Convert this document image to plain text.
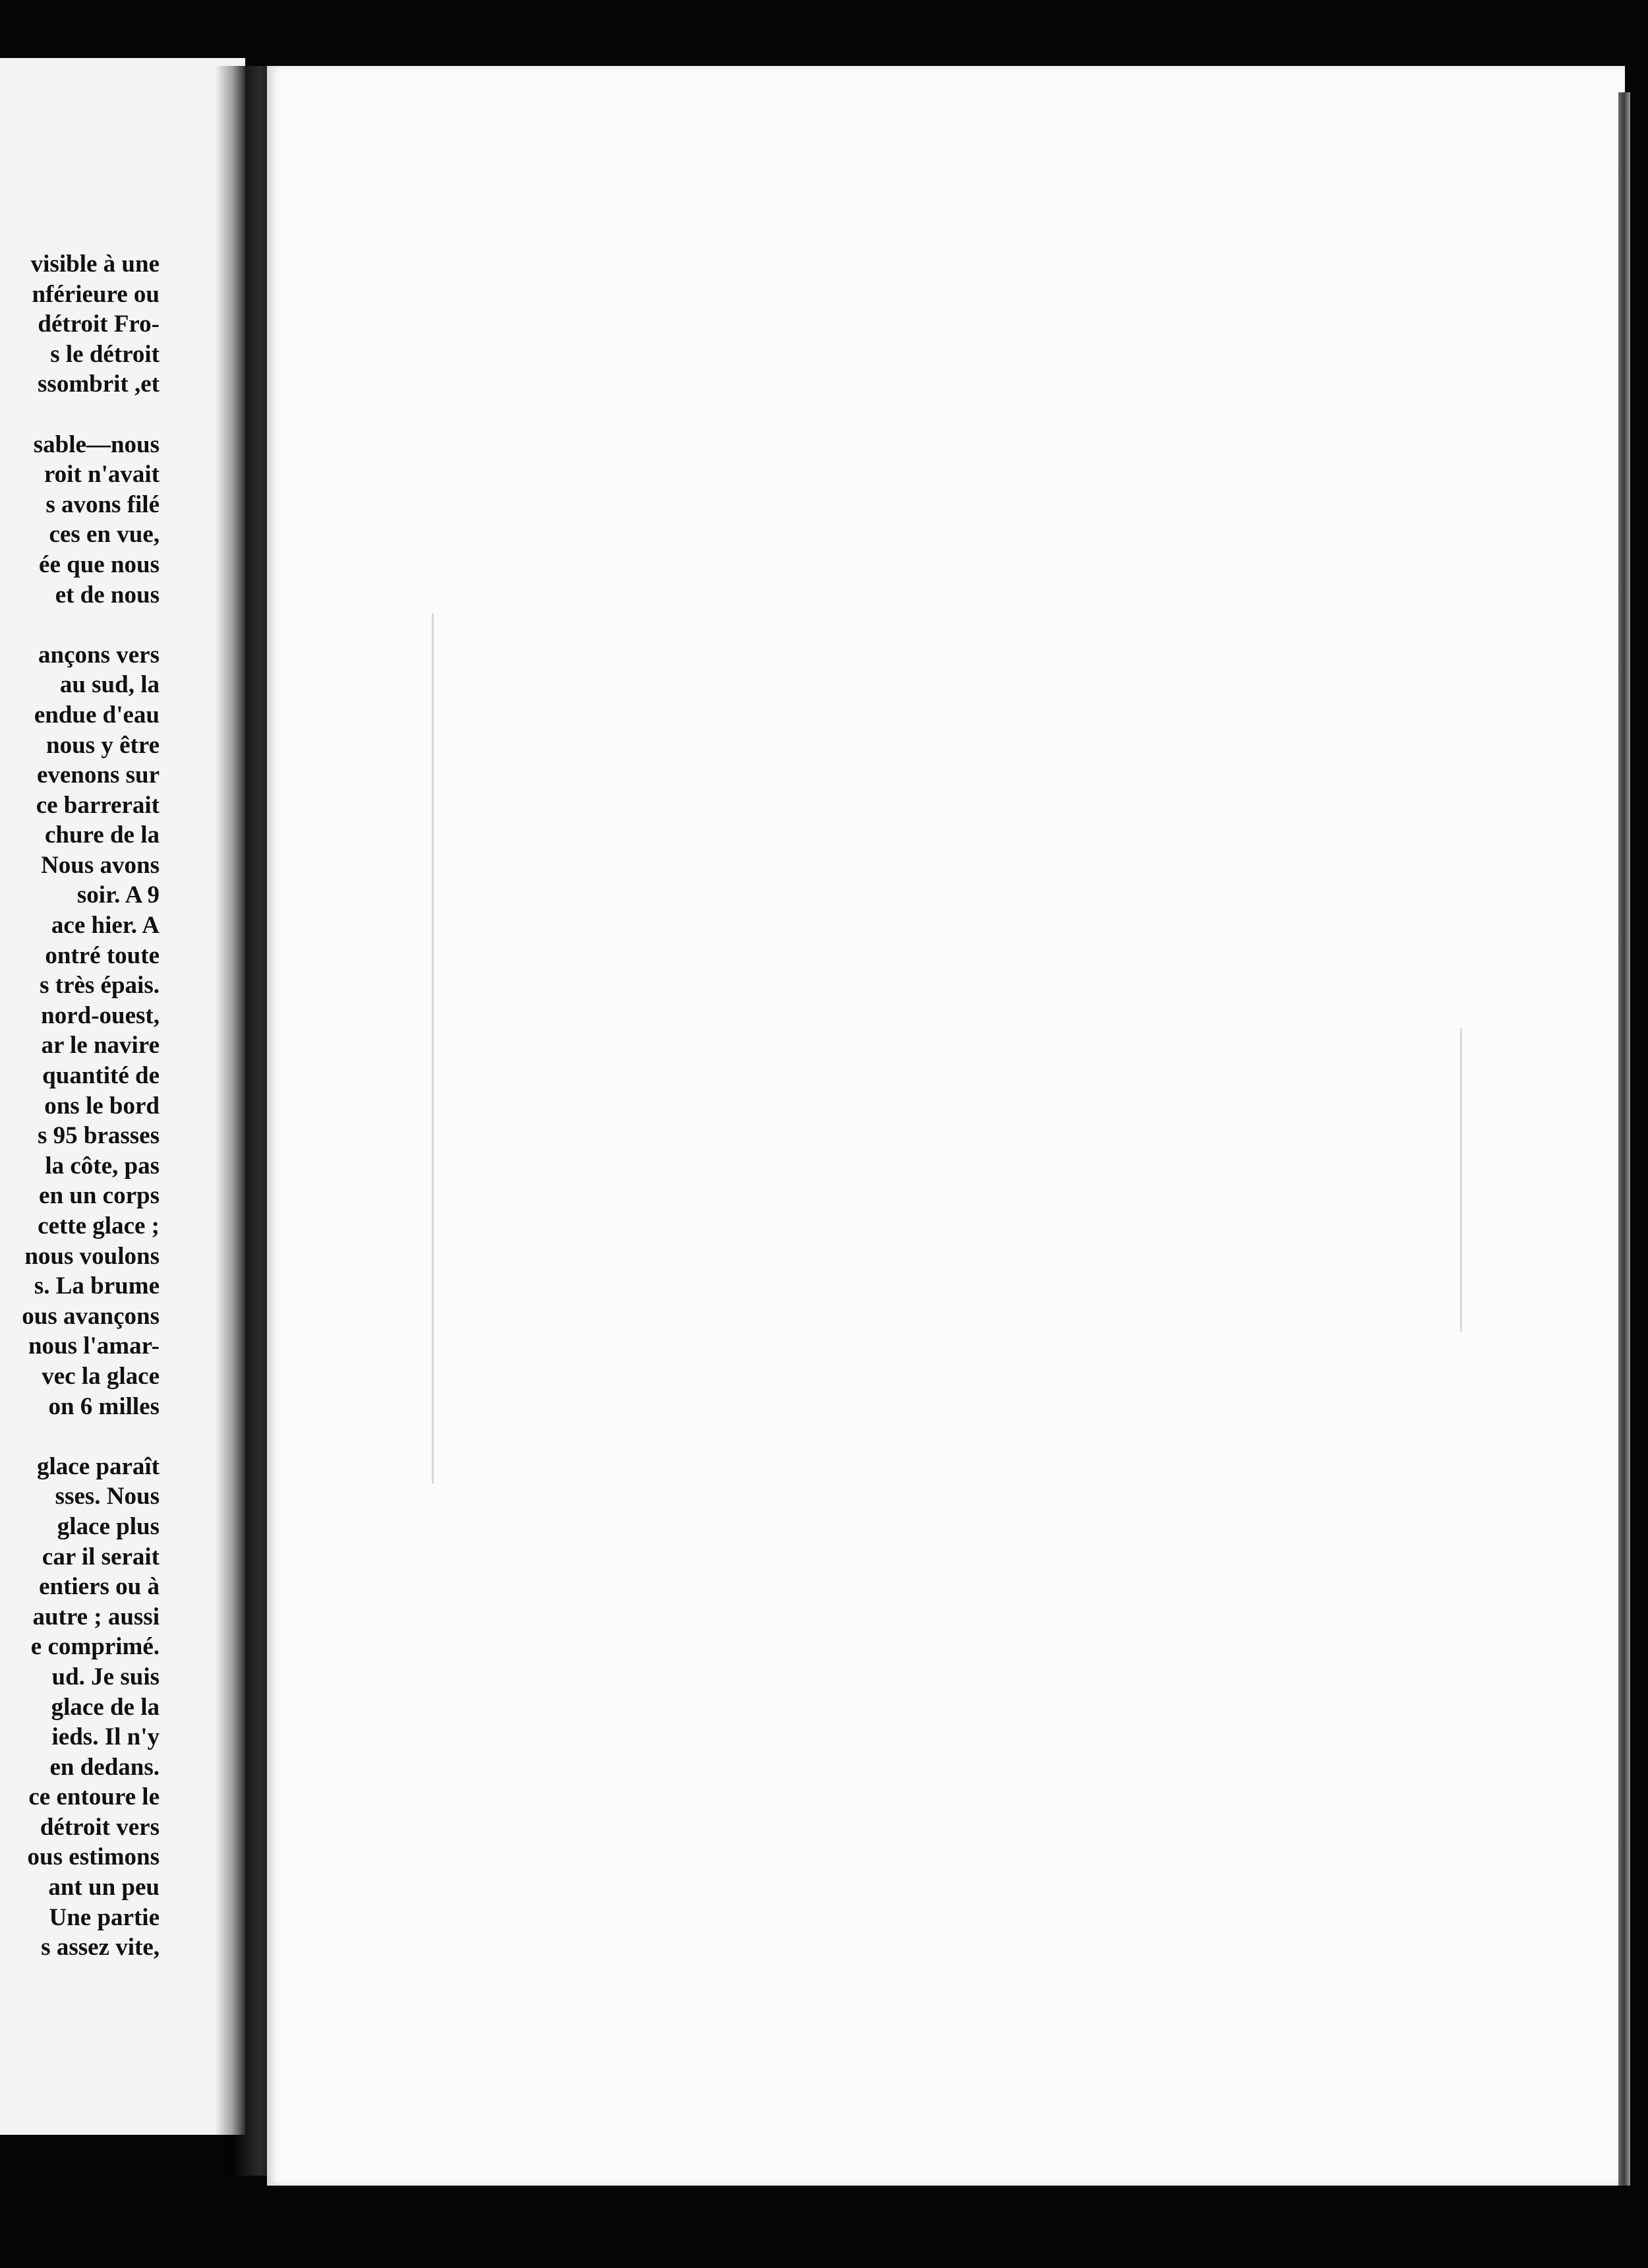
visible à une
nférieure ou
détroit Fro-
s le détroit
ssombrit ,et
sable—nous
roit n'avait
s avons filé
ces en vue,
ée que nous
et de nous
ançons vers
au sud, la
endue d'eau
nous y être
evenons sur
ce barrerait
chure de la
Nous avons
soir. A 9
ace hier. A
ontré toute
s très épais.
nord-ouest,
ar le navire
quantité de
ons le bord
s 95 brasses
la côte, pas
en un corps
cette glace ;
nous voulons
s. La brume
ous avançons
nous l'amar-
vec la glace
on 6 milles
glace paraît
sses. Nous
glace plus
car il serait
entiers ou à
autre ; aussi
e comprimé.
ud. Je suis
glace de la
ieds. Il n'y
en dedans.
ce entoure le
détroit vers
ous estimons
ant un peu
Une partie
s assez vite,
